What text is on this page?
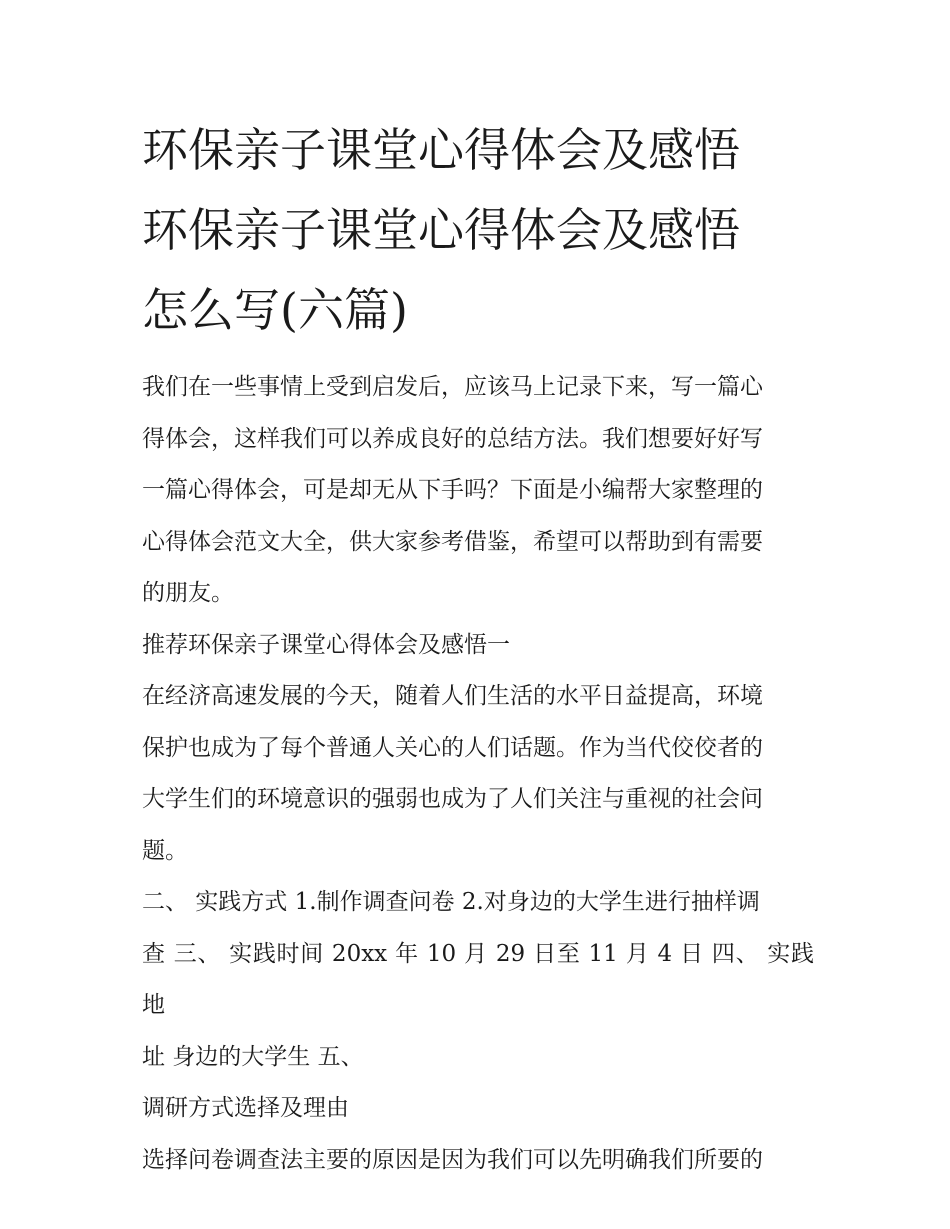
环保亲子课堂心得体会及感悟
环保亲子课堂心得体会及感悟
怎么写(六篇)
我们在一些事情上受到启发后，应该马上记录下来，写一篇心
得体会，这样我们可以养成良好的总结方法。我们想要好好写
一篇心得体会，可是却无从下手吗？下面是小编帮大家整理的
心得体会范文大全，供大家参考借鉴，希望可以帮助到有需要
的朋友。
推荐环保亲子课堂心得体会及感悟一
在经济高速发展的今天，随着人们生活的水平日益提高，环境
保护也成为了每个普通人关心的人们话题。作为当代佼佼者的
大学生们的环境意识的强弱也成为了人们关注与重视的社会问
题。
二、 实践方式 1.制作调查问卷 2.对身边的大学生进行抽样调
查 三、 实践时间 20xx 年 10 月 29 日至 11 月 4 日 四、 实践地
址 身边的大学生 五、
调研方式选择及理由
选择问卷调查法主要的原因是因为我们可以先明确我们所要的
